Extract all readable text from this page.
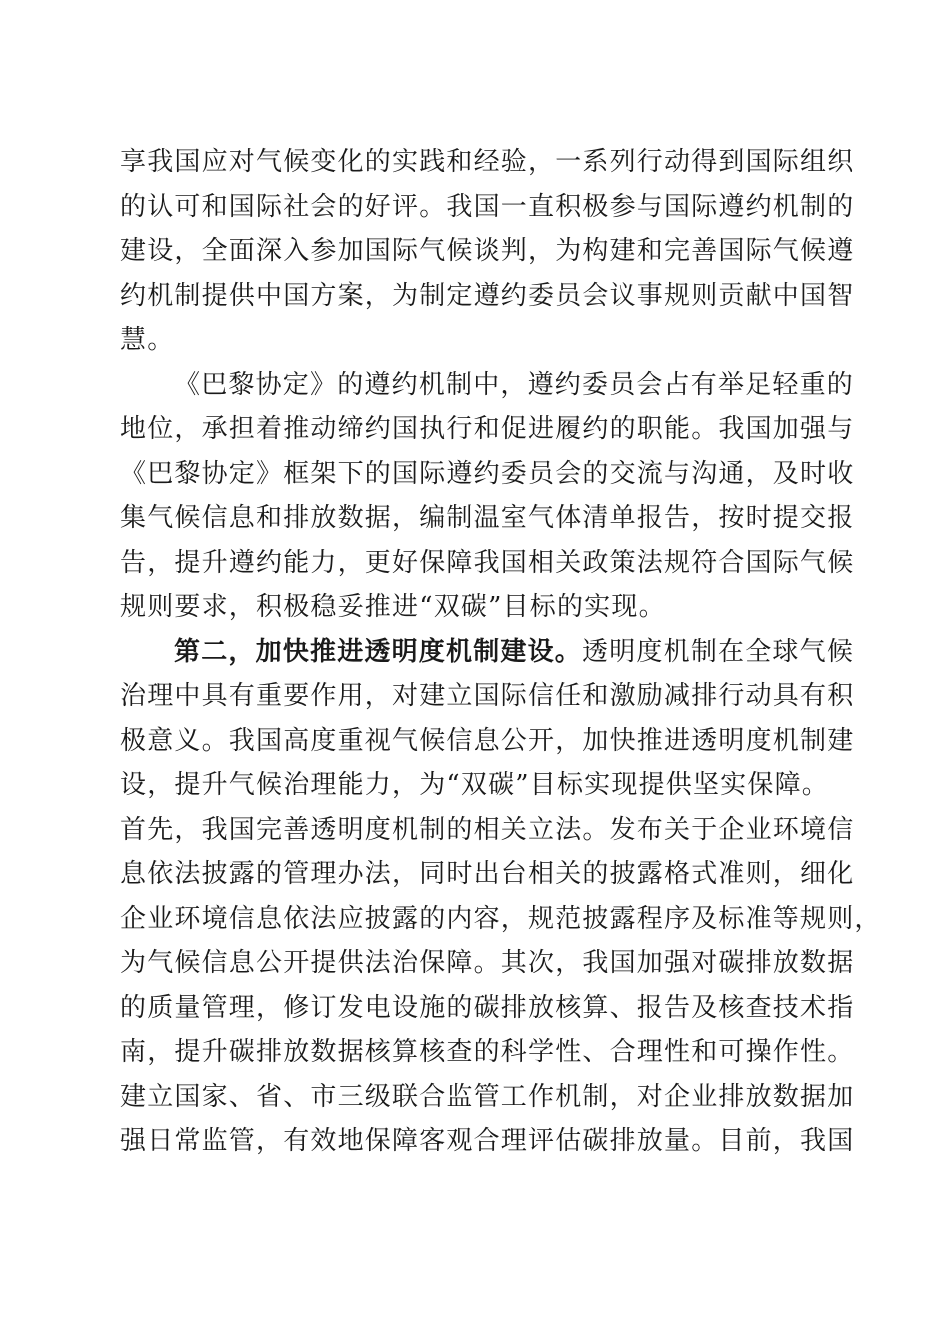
享我国应对气候变化的实践和经验，一系列行动得到国际组织
的认可和国际社会的好评。我国一直积极参与国际遵约机制的
建设，全面深入参加国际气候谈判，为构建和完善国际气候遵
约机制提供中国方案，为制定遵约委员会议事规则贡献中国智
慧。
《巴黎协定》的遵约机制中，遵约委员会占有举足轻重的
地位，承担着推动缔约国执行和促进履约的职能。我国加强与
《巴黎协定》框架下的国际遵约委员会的交流与沟通，及时收
集气候信息和排放数据，编制温室气体清单报告，按时提交报
告，提升遵约能力，更好保障我国相关政策法规符合国际气候
规则要求，积极稳妥推进“双碳”目标的实现。
第二，加快推进透明度机制建设。透明度机制在全球气候
治理中具有重要作用，对建立国际信任和激励减排行动具有积
极意义。我国高度重视气候信息公开，加快推进透明度机制建
设，提升气候治理能力，为“双碳”目标实现提供坚实保障。
首先，我国完善透明度机制的相关立法。发布关于企业环境信
息依法披露的管理办法，同时出台相关的披露格式准则，细化
企业环境信息依法应披露的内容，规范披露程序及标准等规则，
为气候信息公开提供法治保障。其次，我国加强对碳排放数据
的质量管理，修订发电设施的碳排放核算、报告及核查技术指
南，提升碳排放数据核算核查的科学性、合理性和可操作性。
建立国家、省、市三级联合监管工作机制，对企业排放数据加
强日常监管，有效地保障客观合理评估碳排放量。目前，我国
